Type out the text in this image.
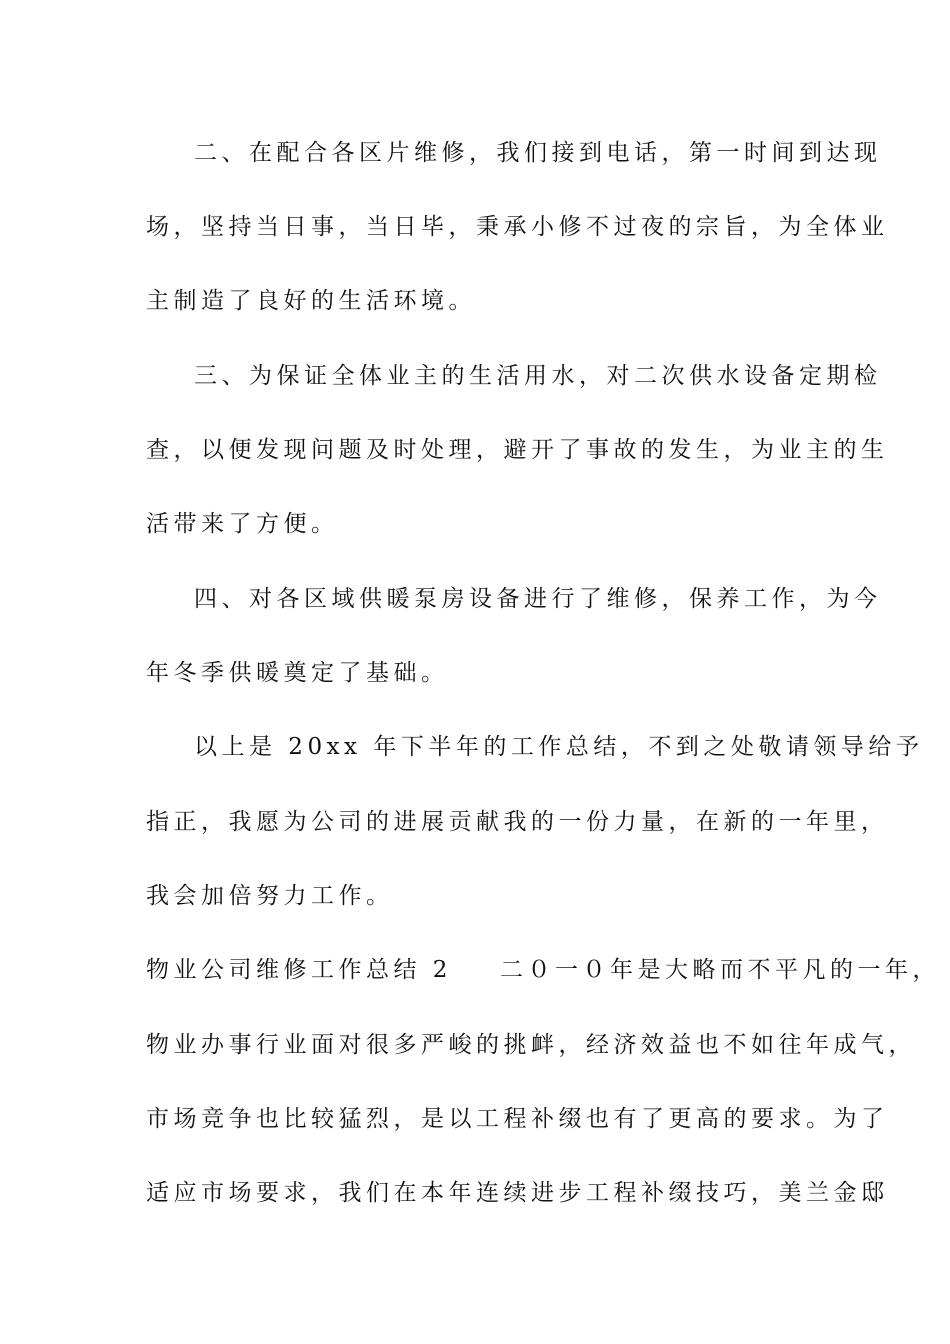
二、在配合各区片维修，我们接到电话，第一时间到达现
场，坚持当日事，当日毕，秉承小修不过夜的宗旨，为全体业
主制造了良好的生活环境。
三、为保证全体业主的生活用水，对二次供水设备定期检
查，以便发现问题及时处理，避开了事故的发生，为业主的生
活带来了方便。
四、对各区域供暖泵房设备进行了维修，保养工作，为今
年冬季供暖奠定了基础。
以上是 20xx 年下半年的工作总结，不到之处敬请领导给予
指正，我愿为公司的进展贡献我的一份力量，在新的一年里，
我会加倍努力工作。
物业公司维修工作总结 2 二０一０年是大略而不平凡的一年，
物业办事行业面对很多严峻的挑衅，经济效益也不如往年成气，
市场竞争也比较猛烈，是以工程补缀也有了更高的要求。为了
适应市场要求，我们在本年连续进步工程补缀技巧，美兰金邸
